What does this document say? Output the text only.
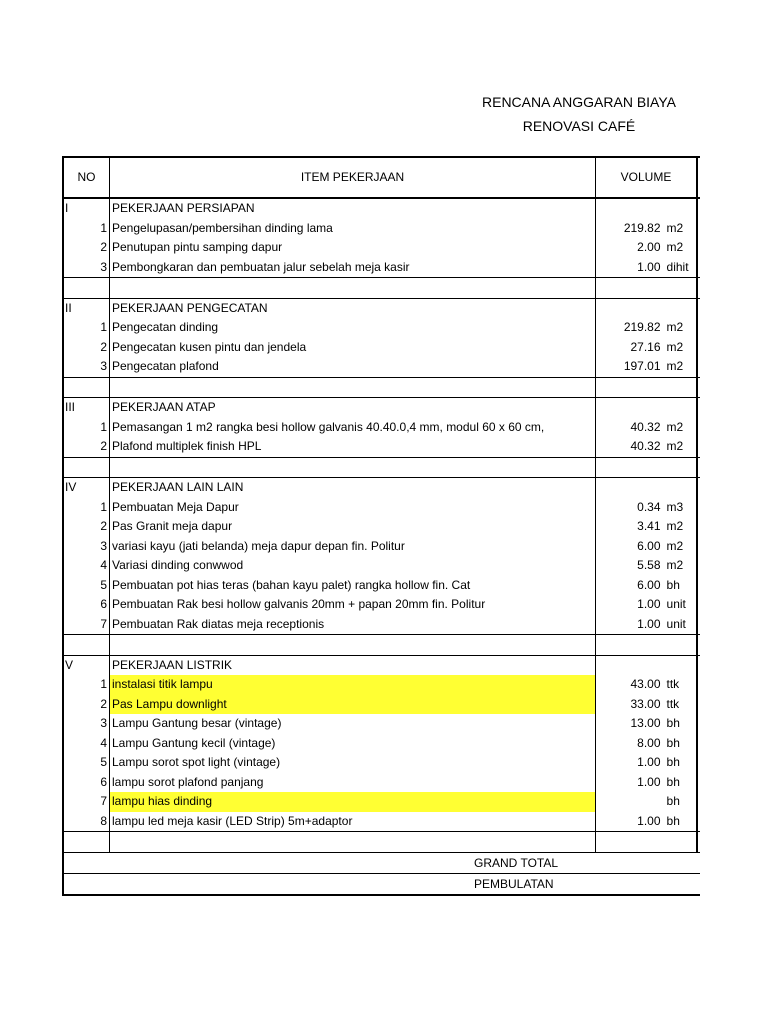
RENCANA ANGGARAN BIAYA
RENOVASI CAFÉ
NO	ITEM PEKERJAAN	VOLUME
I	PEKERJAAN PERSIAPAN
1 Pengelupasan/pembersihan dinding lama	219.82 m2
2 Penutupan pintu samping dapur	2.00 m2
3 Pembongkaran dan pembuatan jalur sebelah meja kasir	1.00 dihit
II	PEKERJAAN PENGECATAN
1 Pengecatan dinding	219.82 m2
2 Pengecatan kusen pintu dan jendela	27.16 m2
3 Pengecatan plafond	197.01 m2
III	PEKERJAAN ATAP
1 Pemasangan 1 m2 rangka besi hollow galvanis 40.40.0,4 mm, modul 60 x 60 cm,	40.32 m2
2 Plafond multiplek finish HPL	40.32 m2
IV	PEKERJAAN LAIN LAIN
1 Pembuatan Meja Dapur	0.34 m3
2 Pas Granit meja dapur	3.41 m2
3 variasi kayu (jati belanda) meja dapur depan fin. Politur	6.00 m2
4 Variasi dinding conwwod	5.58 m2
5 Pembuatan pot hias teras (bahan kayu palet) rangka hollow fin. Cat	6.00 bh
6 Pembuatan Rak besi hollow galvanis 20mm + papan 20mm fin. Politur	1.00 unit
7 Pembuatan Rak diatas meja receptionis	1.00 unit
V	PEKERJAAN LISTRIK
1 instalasi titik lampu	43.00 ttk
2 Pas Lampu downlight	33.00 ttk
3 Lampu Gantung besar (vintage)	13.00 bh
4 Lampu Gantung kecil (vintage)	8.00 bh
5 Lampu sorot spot light (vintage)	1.00 bh
6 lampu sorot plafond panjang	1.00 bh
7 lampu hias dinding	bh
8 lampu led meja kasir (LED Strip) 5m+adaptor	1.00 bh
GRAND TOTAL
PEMBULATAN
